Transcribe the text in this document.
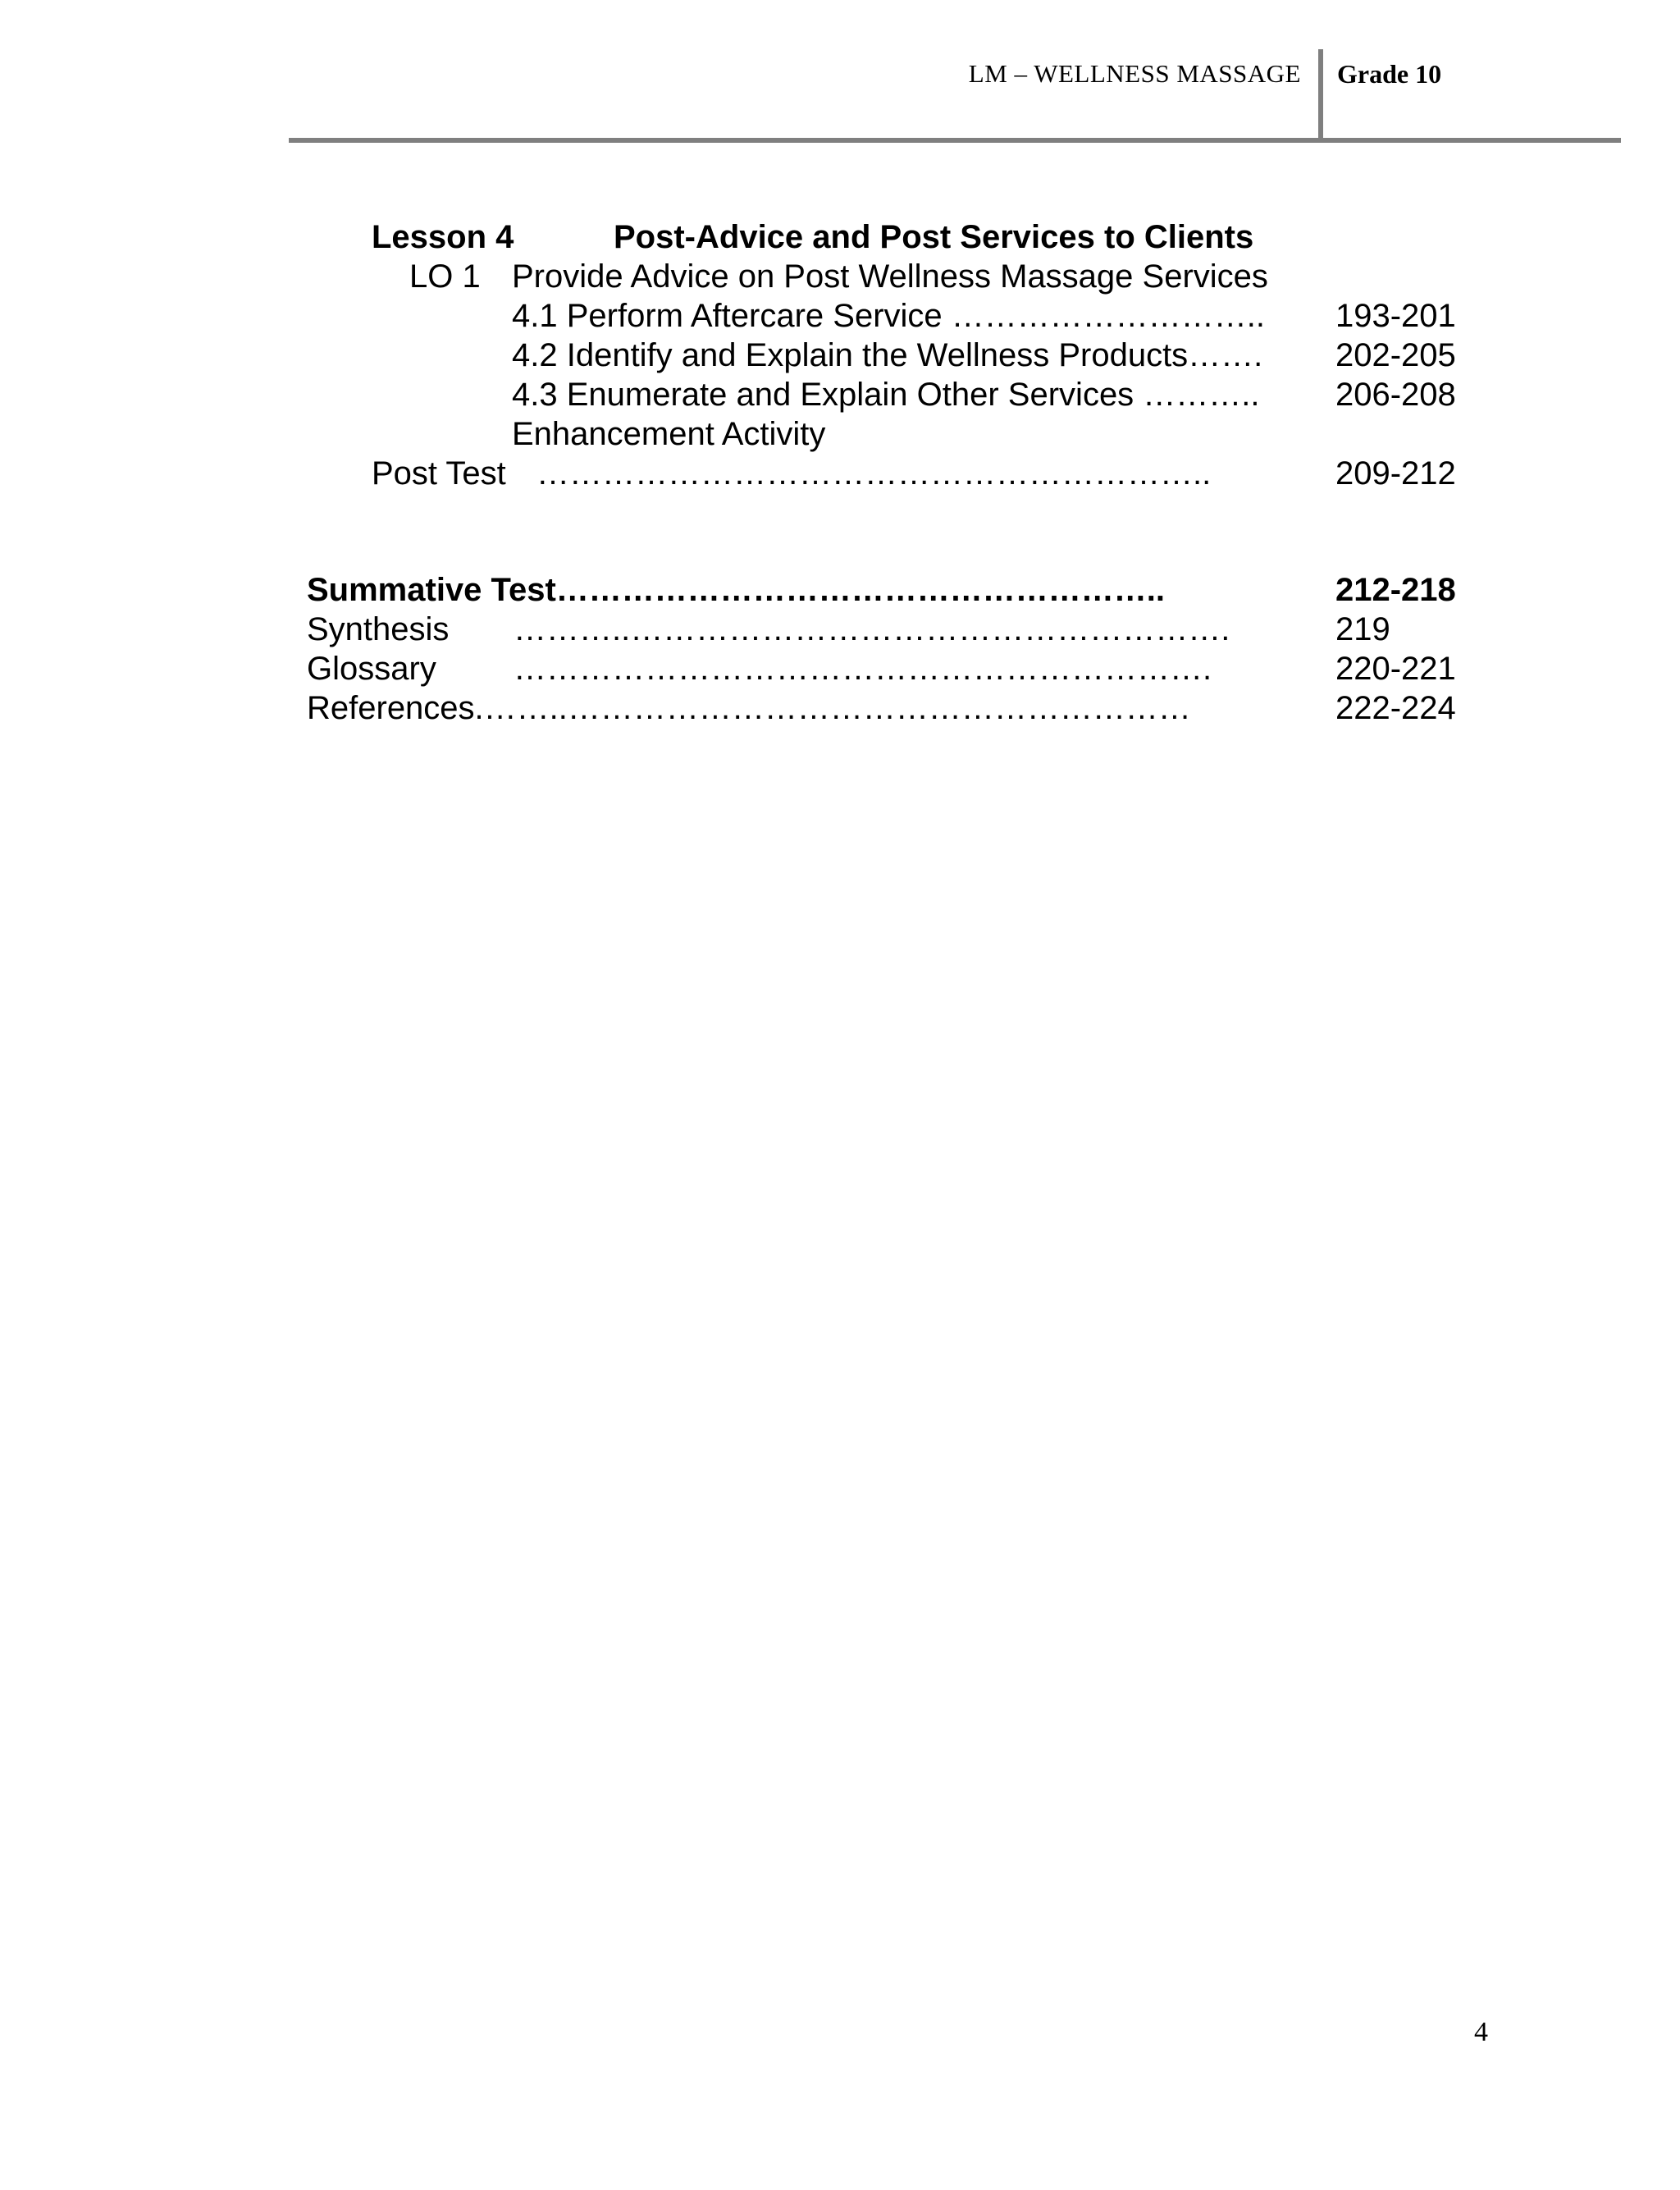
LM – WELLNESS MASSAGE Grade 10
Lesson 4	Post-Advice and Post Services to Clients
LO 1 Provide Advice on Post Wellness Massage Services
4.1 Perform Aftercare Service ……………………….. 193-201
4.2 Identify and Explain the Wellness Products……. 202-205
4.3 Enumerate and Explain Other Services ……….. 206-208
Enhancement Activity
Post Test ……………………………………………………..	209-212
Summative Test………………………………………………..	212-218
Synthesis ………..……………………………………………….	219
Glossary ……………………………………………………….	220-221
References.……..…………………………………………………	222-224
4
